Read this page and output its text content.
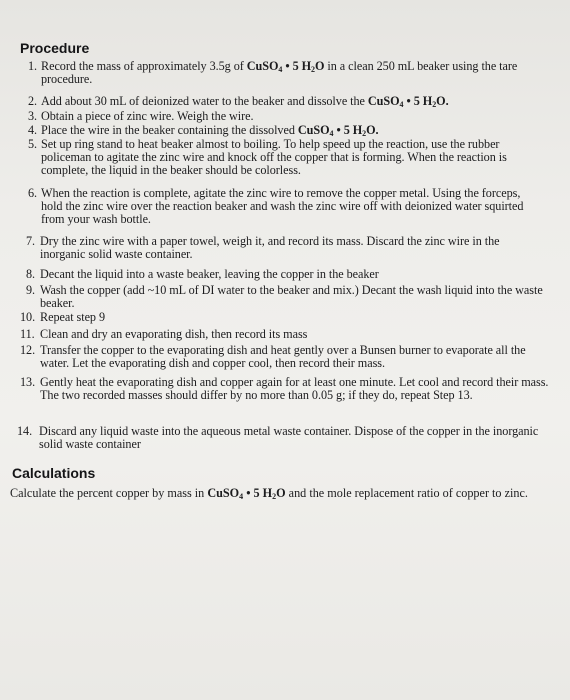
Procedure
1. Record the mass of approximately 3.5g of CuSO$_4$ • 5 $H_2O$ in a clean 250 mL beaker using the tare procedure.
2. Add about 30 mL of deionized water to the beaker and dissolve the CuSO$_4$ • 5 $H_2O$.
3. Obtain a piece of zinc wire. Weigh the wire.
4. Place the wire in the beaker containing the dissolved CuSO$_4$ • 5 $H_2O$.
5. Set up ring stand to heat beaker almost to boiling. To help speed up the reaction, use the rubber policeman to agitate the zinc wire and knock off the copper that is forming. When the reaction is complete, the liquid in the beaker should be colorless.
6. When the reaction is complete, agitate the zinc wire to remove the copper metal. Using the forceps, hold the zinc wire over the reaction beaker and wash the zinc wire off with deionized water squirted from your wash bottle.
7. Dry the zinc wire with a paper towel, weigh it, and record its mass. Discard the zinc wire in the inorganic solid waste container.
8. Decant the liquid into a waste beaker, leaving the copper in the beaker
9. Wash the copper (add ~10 mL of DI water to the beaker and mix.) Decant the wash liquid into the waste beaker.
10. Repeat step 9
11. Clean and dry an evaporating dish, then record its mass
12. Transfer the copper to the evaporating dish and heat gently over a Bunsen burner to evaporate all the water. Let the evaporating dish and copper cool, then record their mass.
13. Gently heat the evaporating dish and copper again for at least one minute. Let cool and record their mass. The two recorded masses should differ by no more than 0.05 g; if they do, repeat Step 13.
14. Discard any liquid waste into the aqueous metal waste container. Dispose of the copper in the inorganic solid waste container
Calculations
Calculate the percent copper by mass in CuSO$_4$ • 5 $H_2O$ and the mole replacement ratio of copper to zinc.
